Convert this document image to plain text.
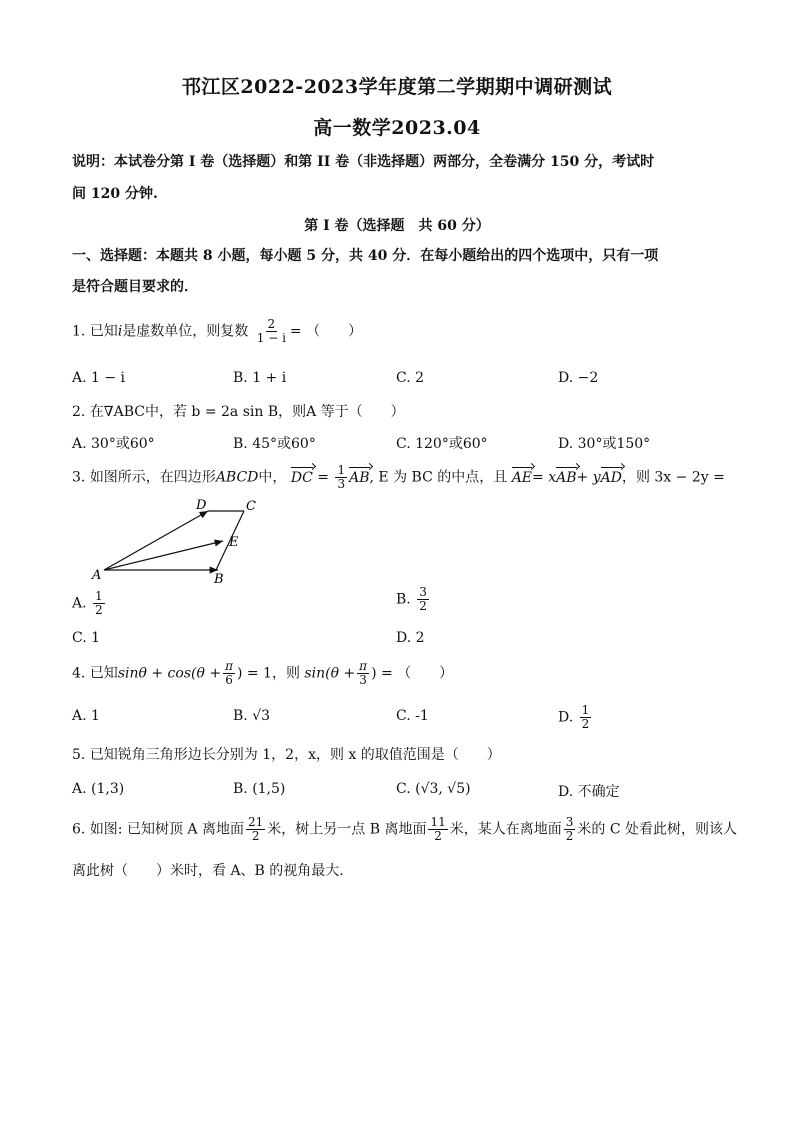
邗江区2022-2023学年度第二学期期中调研测试
高一数学2023.04
说明：本试卷分第 I 卷（选择题）和第 II 卷（非选择题）两部分，全卷满分 150 分，考试时
间 120 分钟.
第 I 卷（选择题　共 60 分）
一、选择题：本题共 8 小题，每小题 5 分，共 40 分．在每小题给出的四个选项中，只有一项
是符合题目要求的．
1. 已知i是虚数单位，则复数 $\frac{2}{1 - i}$ = （　　）
A. 1 − i	B. 1 + i	C. 2	D. −2
2. 在∇ABC中，若 b = 2a sin B，则A 等于（　　）
A. 30°或60°	B. 45°或60°	C. 120°或60°	D. 30°或150°
3. 如图所示，在四边形ABCD中， DC = $\frac{1}{3}$ AB, E 为 BC 的中点，且 AE= xAB+ yAD，则 3x − 2y =
A	B
C
D
E
A. $\frac{1}{2}$	B. $\frac{3}{2}$
C. 1	D. 2
4. 已知$\sin\theta + \cos(\theta + \frac{\pi}{6}$ ) = 1，则 $\sin(\theta + \frac{\pi}{3}$ ) = （　　）
A. 1	B. √3	C. -1	D. $\frac{1}{2}$
5. 已知锐角三角形边长分别为 1，2，x，则 x 的取值范围是（　　）
A. (1,3)	B. (1,5)	C. (√3, √5)	D. 不确定
6. 如图: 已知树顶 A 离地面 $\frac{21}{2}$ 米，树上另一点 B 离地面 $\frac{11}{2}$ 米，某人在离地面 $\frac{3}{2}$ 米的 C 处看此树，则该人
离此树（　　）米时，看 A、B 的视角最大.
